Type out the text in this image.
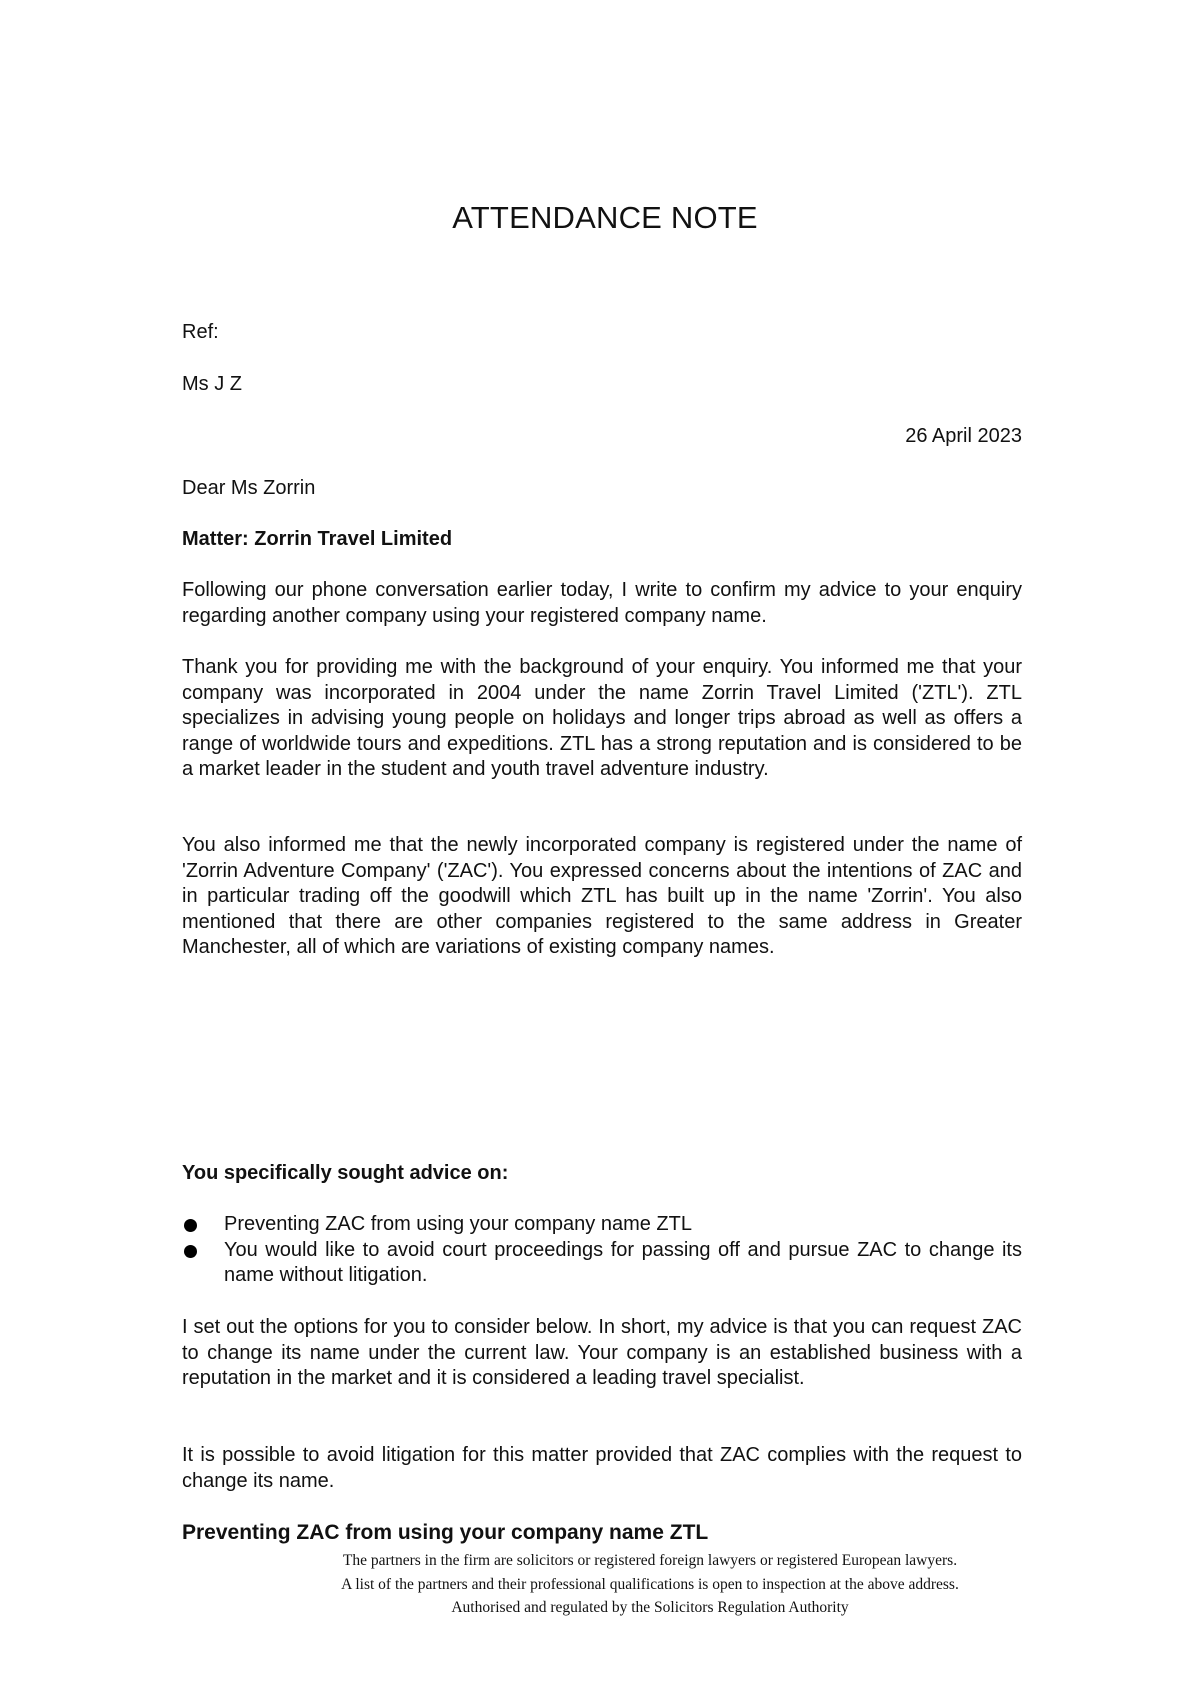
ATTENDANCE NOTE
Ref:
Ms J Z
26 April 2023
Dear Ms Zorrin
Matter: Zorrin Travel Limited
Following our phone conversation earlier today, I write to confirm my advice to your enquiry regarding another company using your registered company name.
Thank you for providing me with the background of your enquiry. You informed me that your company was incorporated in 2004 under the name Zorrin Travel Limited ('ZTL'). ZTL specializes in advising young people on holidays and longer trips abroad as well as offers a range of worldwide tours and expeditions. ZTL has a strong reputation and is considered to be a market leader in the student and youth travel adventure industry.
You also informed me that the newly incorporated company is registered under the name of 'Zorrin Adventure Company' ('ZAC'). You expressed concerns about the intentions of ZAC and in particular trading off the goodwill which ZTL has built up in the name 'Zorrin'. You also mentioned that there are other companies registered to the same address in Greater Manchester, all of which are variations of existing company names.
You specifically sought advice on:
Preventing ZAC from using your company name ZTL
You would like to avoid court proceedings for passing off and pursue ZAC to change its name without litigation.
I set out the options for you to consider below. In short, my advice is that you can request ZAC to change its name under the current law. Your company is an established business with a reputation in the market and it is considered a leading travel specialist.
It is possible to avoid litigation for this matter provided that ZAC complies with the request to change its name.
Preventing ZAC from using your company name ZTL
The partners in the firm are solicitors or registered foreign lawyers or registered European lawyers.
A list of the partners and their professional qualifications is open to inspection at the above address.
Authorised and regulated by the Solicitors Regulation Authority
